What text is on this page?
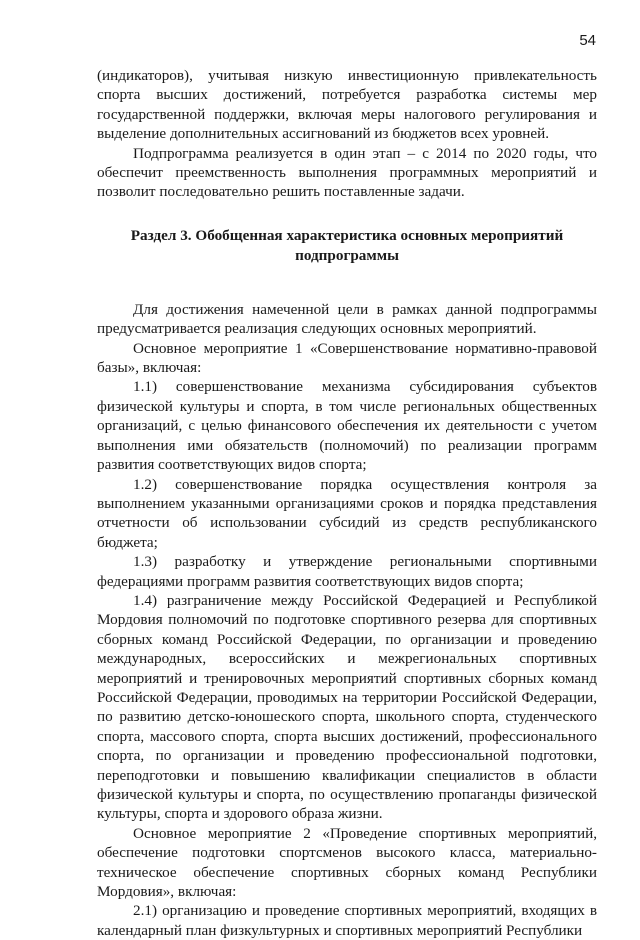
54

(индикаторов), учитывая низкую инвестиционную привлекательность спорта высших достижений, потребуется разработка системы мер государственной поддержки, включая меры налогового регулирования и выделение дополнительных ассигнований из бюджетов всех уровней.

Подпрограмма реализуется в один этап – с 2014 по 2020 годы, что обеспечит преемственность выполнения программных мероприятий и позволит последовательно решить поставленные задачи.

Раздел 3. Обобщенная характеристика основных мероприятий подпрограммы

Для достижения намеченной цели в рамках данной подпрограммы предусматривается реализация следующих основных мероприятий.

Основное мероприятие 1 «Совершенствование нормативно-правовой базы», включая:

1.1) совершенствование механизма субсидирования субъектов физической культуры и спорта, в том числе региональных общественных организаций, с целью финансового обеспечения их деятельности с учетом выполнения ими обязательств (полномочий) по реализации программ развития соответствующих видов спорта;

1.2) совершенствование порядка осуществления контроля за выполнением указанными организациями сроков и порядка представления отчетности об использовании субсидий из средств республиканского бюджета;

1.3) разработку и утверждение региональными спортивными федерациями программ развития соответствующих видов спорта;

1.4) разграничение между Российской Федерацией и Республикой Мордовия полномочий по подготовке спортивного резерва для спортивных сборных команд Российской Федерации, по организации и проведению международных, всероссийских и межрегиональных спортивных мероприятий и тренировочных мероприятий спортивных сборных команд Российской Федерации, проводимых на территории Российской Федерации, по развитию детско-юношеского спорта, школьного спорта, студенческого спорта, массового спорта, спорта высших достижений, профессионального спорта, по организации и проведению профессиональной подготовки, переподготовки и повышению квалификации специалистов в области физической культуры и спорта, по осуществлению пропаганды физической культуры, спорта и здорового образа жизни.

Основное мероприятие 2 «Проведение спортивных мероприятий, обеспечение подготовки спортсменов высокого класса, материально-техническое обеспечение спортивных сборных команд Республики Мордовия», включая:

2.1) организацию и проведение спортивных мероприятий, входящих в календарный план физкультурных и спортивных мероприятий Республики
